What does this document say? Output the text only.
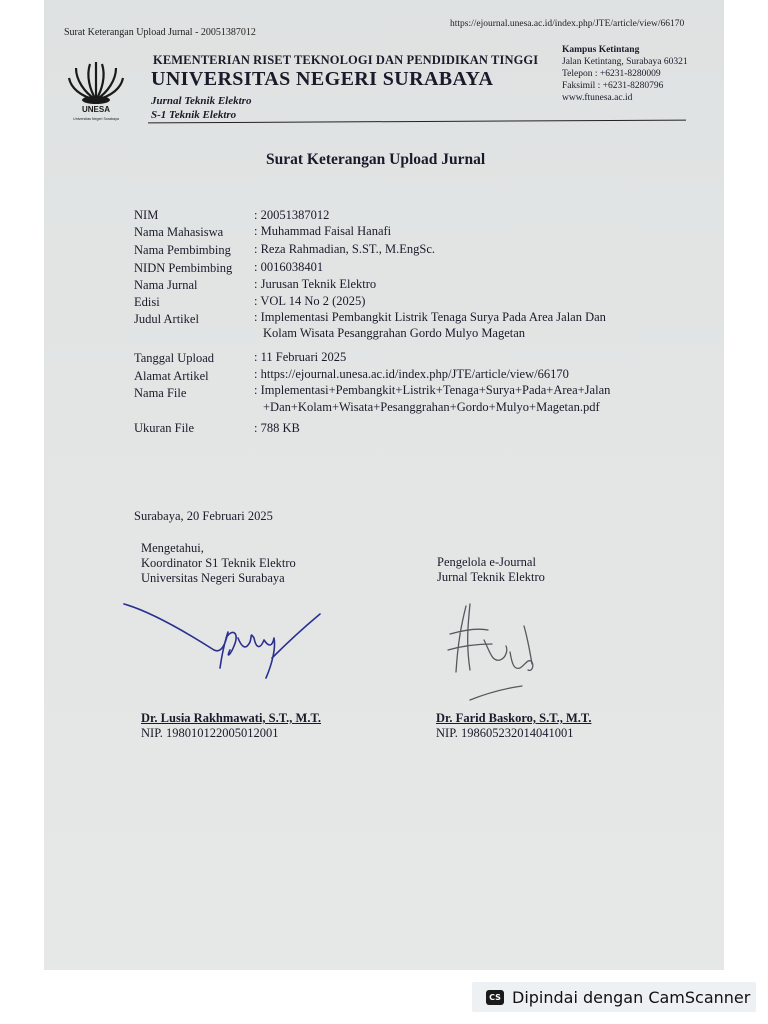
Surat Keterangan Upload Jurnal - 20051387012
https://ejournal.unesa.ac.id/index.php/JTE/article/view/66170
UNESA
Universitas Negeri Surabaya
KEMENTERIAN RISET TEKNOLOGI DAN PENDIDIKAN TINGGI
UNIVERSITAS NEGERI SURABAYA
Jurnal Teknik Elektro
S-1 Teknik Elektro
Kampus Ketintang
Jalan Ketintang, Surabaya 60321
Telepon : +6231-8280009
Faksimil : +6231-8280796
www.ftunesa.ac.id
Surat Keterangan Upload Jurnal
NIM	: 20051387012
Nama Mahasiswa : Muhammad Faisal Hanafi
Nama Pembimbing : Reza Rahmadian, S.ST., M.EngSc.
NIDN Pembimbing : 0016038401
Nama Jurnal	: Jurusan Teknik Elektro
Edisi	: VOL 14 No 2 (2025)
Judul Artikel	: Implementasi Pembangkit Listrik Tenaga Surya Pada Area Jalan Dan
Kolam Wisata Pesanggrahan Gordo Mulyo Magetan
Tanggal Upload	: 11 Februari 2025
Alamat Artikel	: https://ejournal.unesa.ac.id/index.php/JTE/article/view/66170
Nama File	: Implementasi+Pembangkit+Listrik+Tenaga+Surya+Pada+Area+Jalan
+Dan+Kolam+Wisata+Pesanggrahan+Gordo+Mulyo+Magetan.pdf
Ukuran File	: 788 KB
Surabaya, 20 Februari 2025
Mengetahui,
Koordinator S1 Teknik Elektro
Universitas Negeri Surabaya
Dr. Lusia Rakhmawati, S.T., M.T.
NIP. 198010122005012001
Pengelola e-Journal
Jurnal Teknik Elektro
Dr. Farid Baskoro, S.T., M.T.
NIP. 198605232014041001
CS Dipindai dengan CamScanner
